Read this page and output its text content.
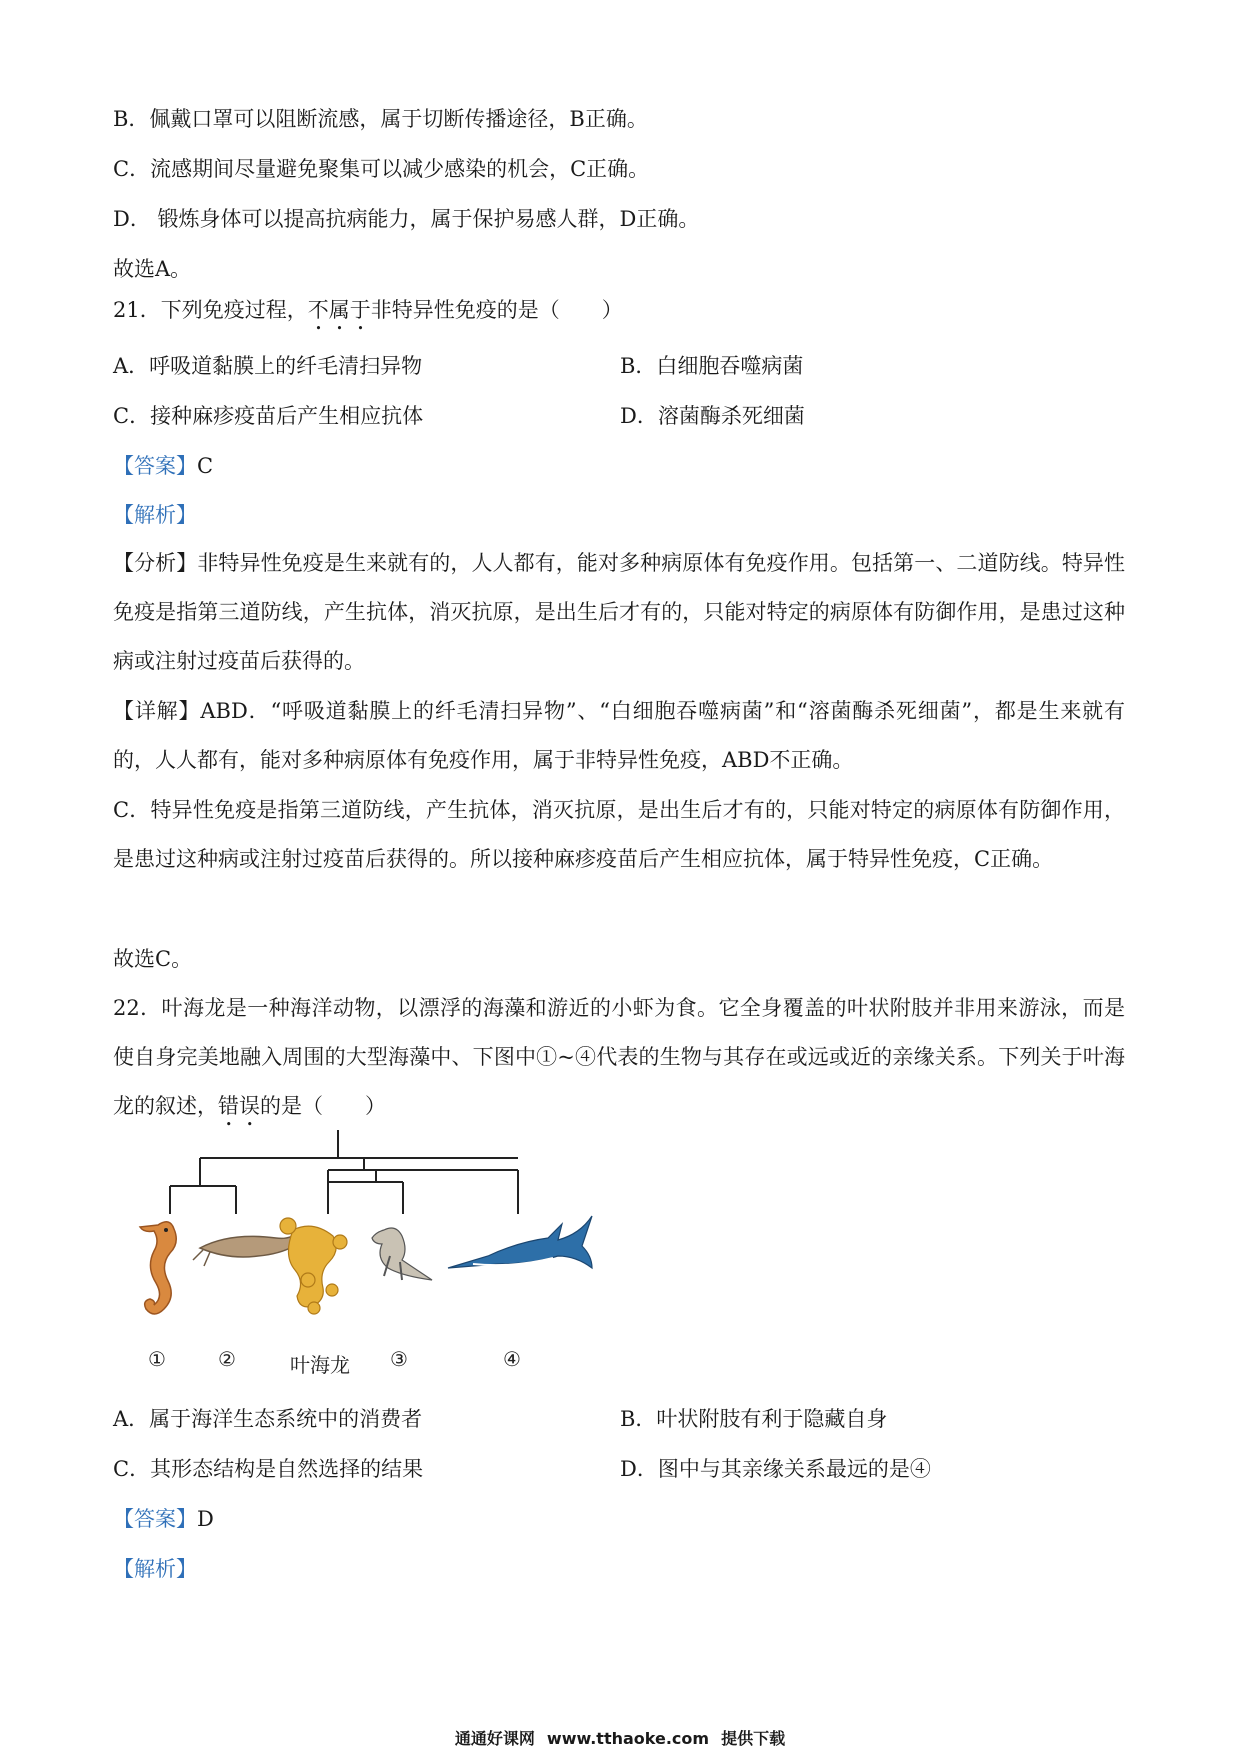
B．佩戴口罩可以阻断流感，属于切断传播途径，B正确。
C．流感期间尽量避免聚集可以减少感染的机会，C正确。
D． 锻炼身体可以提高抗病能力，属于保护易感人群，D正确。
故选A。
21．下列免疫过程，不属于非特异性免疫的是（　　）
A．呼吸道黏膜上的纤毛清扫异物	B．白细胞吞噬病菌
C．接种麻疹疫苗后产生相应抗体	D．溶菌酶杀死细菌
【答案】C
【解析】
【分析】非特异性免疫是生来就有的，人人都有，能对多种病原体有免疫作用。包括第一、二道防线。特异性免疫是指第三道防线，产生抗体，消灭抗原，是出生后才有的，只能对特定的病原体有防御作用，是患过这种病或注射过疫苗后获得的。
【详解】ABD．“呼吸道黏膜上的纤毛清扫异物”、“白细胞吞噬病菌”和“溶菌酶杀死细菌”，都是生来就有的，人人都有，能对多种病原体有免疫作用，属于非特异性免疫，ABD不正确。
C．特异性免疫是指第三道防线，产生抗体，消灭抗原，是出生后才有的，只能对特定的病原体有防御作用，是患过这种病或注射过疫苗后获得的。所以接种麻疹疫苗后产生相应抗体，属于特异性免疫，C正确。
故选C。
22．叶海龙是一种海洋动物，以漂浮的海藻和游近的小虾为食。它全身覆盖的叶状附肢并非用来游泳，而是使自身完美地融入周围的大型海藻中、下图中①~④代表的生物与其存在或远或近的亲缘关系。下列关于叶海龙的叙述，错误的是（　　）
①	②	叶海龙 ③	④
A．属于海洋生态系统中的消费者	B．叶状附肢有利于隐藏自身
C．其形态结构是自然选择的结果	D．图中与其亲缘关系最远的是④
【答案】D
【解析】
通通好课网 www.tthaoke.com 提供下载
